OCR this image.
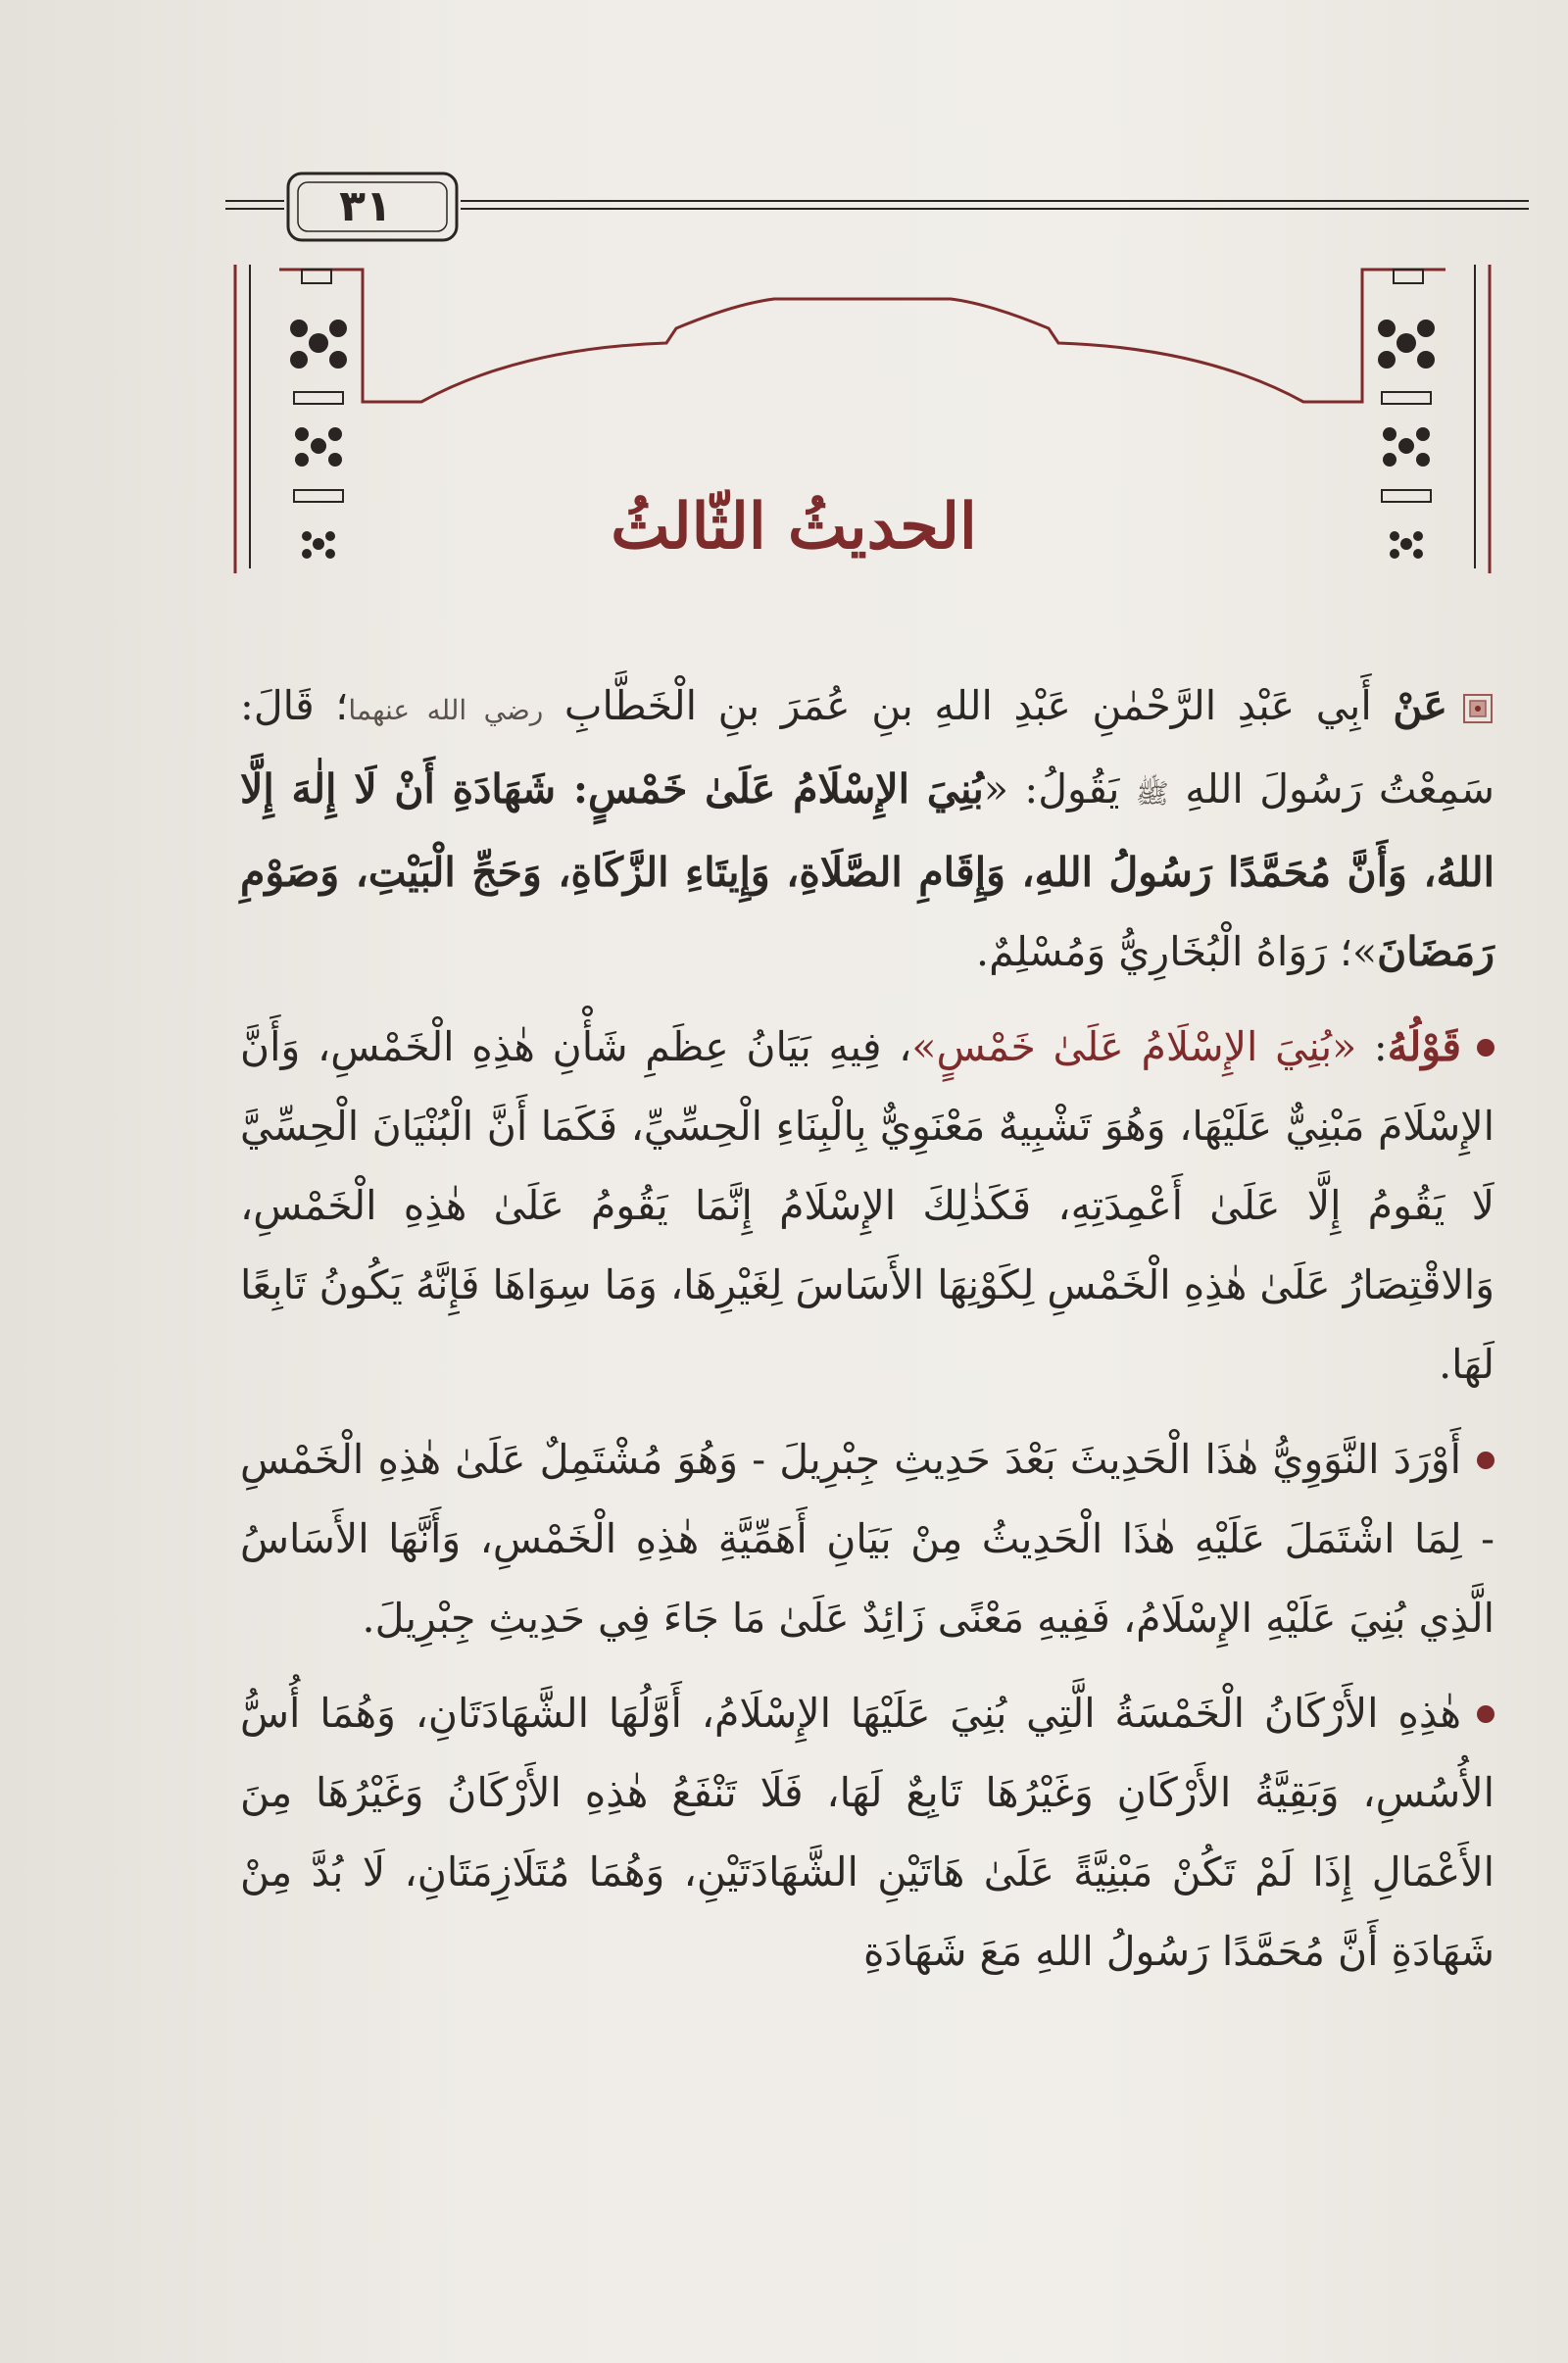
٣١
الحديثُ الثّالثُ

عَنْ أَبِي عَبْدِ الرَّحْمٰنِ عَبْدِ اللهِ بنِ عُمَرَ بنِ الْخَطَّابِ رضي الله عنهما؛ قَالَ: سَمِعْتُ رَسُولَ اللهِ ﷺ يَقُولُ: «بُنِيَ الإِسْلَامُ عَلَىٰ خَمْسٍ: شَهَادَةِ أَنْ لَا إِلٰهَ إِلَّا اللهُ، وَأَنَّ مُحَمَّدًا رَسُولُ اللهِ، وَإِقَامِ الصَّلَاةِ، وَإِيتَاءِ الزَّكَاةِ، وَحَجِّ الْبَيْتِ، وَصَوْمِ رَمَضَانَ»؛ رَوَاهُ الْبُخَارِيُّ وَمُسْلِمٌ.

قَوْلُهُ: «بُنِيَ الإِسْلَامُ عَلَىٰ خَمْسٍ»، فِيهِ بَيَانُ عِظَمِ شَأْنِ هٰذِهِ الْخَمْسِ، وَأَنَّ الإِسْلَامَ مَبْنِيٌّ عَلَيْهَا، وَهُوَ تَشْبِيهٌ مَعْنَوِيٌّ بِالْبِنَاءِ الْحِسِّيِّ، فَكَمَا أَنَّ الْبُنْيَانَ الْحِسِّيَّ لَا يَقُومُ إِلَّا عَلَىٰ أَعْمِدَتِهِ، فَكَذٰلِكَ الإِسْلَامُ إِنَّمَا يَقُومُ عَلَىٰ هٰذِهِ الْخَمْسِ، وَالاقْتِصَارُ عَلَىٰ هٰذِهِ الْخَمْسِ لِكَوْنِهَا الأَسَاسَ لِغَيْرِهَا، وَمَا سِوَاهَا فَإِنَّهُ يَكُونُ تَابِعًا لَهَا.

أَوْرَدَ النَّوَوِيُّ هٰذَا الْحَدِيثَ بَعْدَ حَدِيثِ جِبْرِيلَ - وَهُوَ مُشْتَمِلٌ عَلَىٰ هٰذِهِ الْخَمْسِ - لِمَا اشْتَمَلَ عَلَيْهِ هٰذَا الْحَدِيثُ مِنْ بَيَانِ أَهَمِّيَّةِ هٰذِهِ الْخَمْسِ، وَأَنَّهَا الأَسَاسُ الَّذِي بُنِيَ عَلَيْهِ الإِسْلَامُ، فَفِيهِ مَعْنًى زَائِدٌ عَلَىٰ مَا جَاءَ فِي حَدِيثِ جِبْرِيلَ.

هٰذِهِ الأَرْكَانُ الْخَمْسَةُ الَّتِي بُنِيَ عَلَيْهَا الإِسْلَامُ، أَوَّلُهَا الشَّهَادَتَانِ، وَهُمَا أُسُّ الأُسُسِ، وَبَقِيَّةُ الأَرْكَانِ وَغَيْرُهَا تَابِعٌ لَهَا، فَلَا تَنْفَعُ هٰذِهِ الأَرْكَانُ وَغَيْرُهَا مِنَ الأَعْمَالِ إِذَا لَمْ تَكُنْ مَبْنِيَّةً عَلَىٰ هَاتَيْنِ الشَّهَادَتَيْنِ، وَهُمَا مُتَلَازِمَتَانِ، لَا بُدَّ مِنْ شَهَادَةِ أَنَّ مُحَمَّدًا رَسُولُ اللهِ مَعَ شَهَادَةِ
